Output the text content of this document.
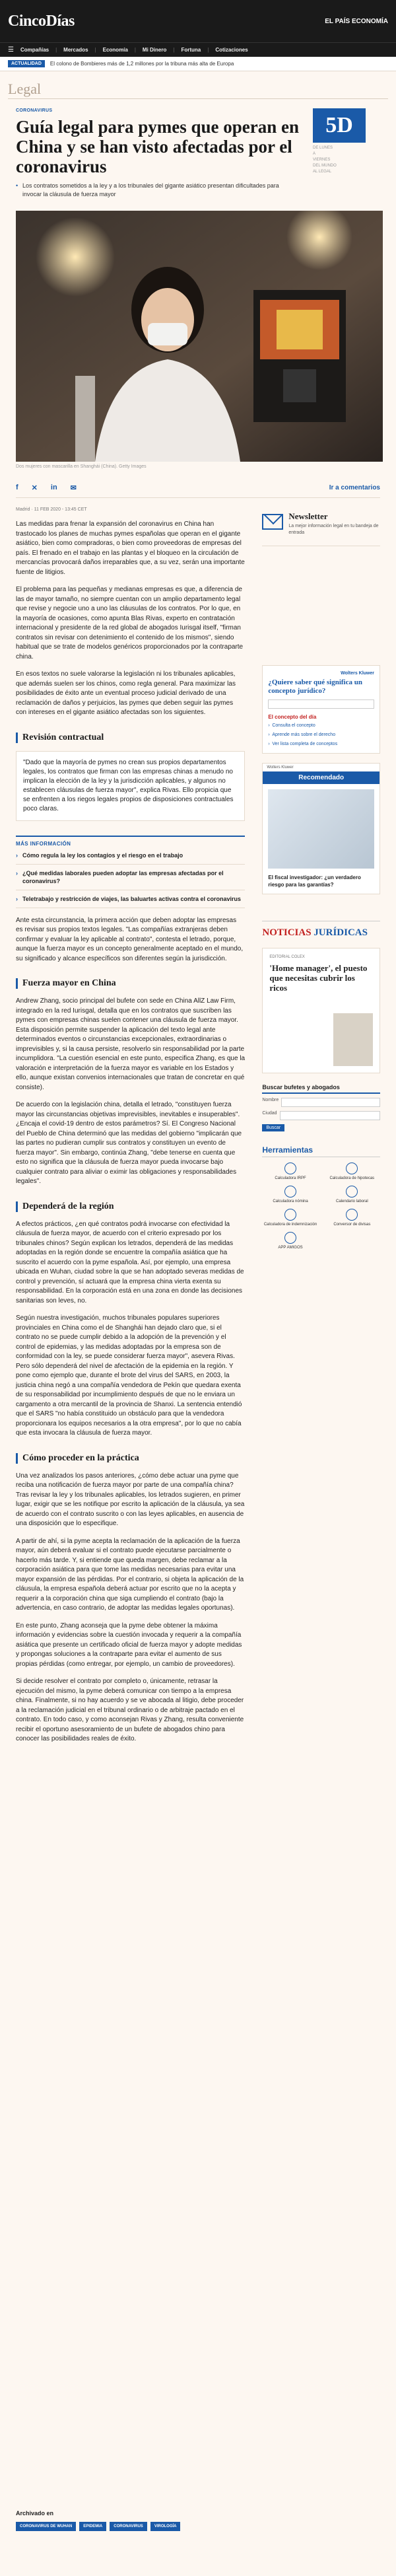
CincoDías	EL PAÍS ECONOMÍA
☰ Compañías | Mercados | Economía | Mi Dinero | Fortuna | Cotizaciones
ACTUALIDAD	El colono de Bombieres más de 1,2 millones por la tribuna más alta de Europa
Legal
CORONAVIRUS
Guía legal para pymes que operan en China y se han visto afectadas por el coronavirus

• Los contratos sometidos a la ley y a los tribunales del gigante asiático presentan dificultades para invocar la cláusula de fuerza mayor

5D
DE LUNES
A
VIERNES
DEL MUNDO
AL LEGAL

Dos mujeres con mascarilla en Shanghái (China). Getty Images

f ✕ in ✉	Ir a comentarios
Madrid · 11 FEB 2020 - 13:45 CET

Las medidas para frenar la expansión del coronavirus en China han trastocado los planes de muchas pymes españolas que operan en el gigante asiático, bien como compradoras, o bien como proveedoras de empresas del país. El frenado en el trabajo en las plantas y el bloqueo en la circulación de mercancías provocará daños irreparables que, a su vez, serán una importante fuente de litigios.

El problema para las pequeñas y medianas empresas es que, a diferencia de las de mayor tamaño, no siempre cuentan con un amplio departamento legal que revise y negocie uno a uno las cláusulas de los contratos. Por lo que, en la mayoría de ocasiones, como apunta Blas Rivas, experto en contratación internacional y presidente de la red global de abogados Iurisgal itself, "firman contratos sin revisar con detenimiento el contenido de los mismos", siendo habitual que se trate de modelos genéricos proporcionados por la contraparte china.

En esos textos no suele valorarse la legislación ni los tribunales aplicables, que además suelen ser los chinos, como regla general. Para maximizar las posibilidades de éxito ante un eventual proceso judicial derivado de una reclamación de daños y perjuicios, las pymes que deben seguir las pymes con intereses en el gigante asiático afectadas son los siguientes.

Revisión contractual
"Dado que la mayoría de pymes no crean sus propios departamentos legales, los contratos que firman con las empresas chinas a menudo no implican la elección de la ley y la jurisdicción aplicables, y algunos no establecen cláusulas de fuerza mayor", explica Rivas. Ello propicia que se enfrenten a los riegos legales propios de disposiciones contractuales poco claras.
MÁS INFORMACIÓN
› Cómo regula la ley los contagios y el riesgo en el trabajo
› ¿Qué medidas laborales pueden adoptar las empresas afectadas por el coronavirus?
› Teletrabajo y restricción de viajes, las baluartes activas contra el coronavirus

Ante esta circunstancia, la primera acción que deben adoptar las empresas es revisar sus propios textos legales. "Las compañías extranjeras deben confirmar y evaluar la ley aplicable al contrato", contesta el letrado, porque, aunque la fuerza mayor es un concepto generalmente aceptado en el mundo, su significado y alcance específicos son diferentes según la jurisdicción.

Fuerza mayor en China

Andrew Zhang, socio principal del bufete con sede en China AllZ Law Firm, integrado en la red Iurisgal, detalla que en los contratos que suscriben las pymes con empresas chinas suelen contener una cláusula de fuerza mayor. Esta disposición permite suspender la aplicación del texto legal ante determinados eventos o circunstancias excepcionales, extraordinarias o imprevisibles y, si la causa persiste, resolverlo sin responsabilidad por la parte incumplidora. "La cuestión esencial en este punto, especifica Zhang, es que la valoración e interpretación de la fuerza mayor es variable en los Estados y ello, aunque existan convenios internacionales que tratan de concretar en qué consiste).

De acuerdo con la legislación china, detalla el letrado, "constituyen fuerza mayor las circunstancias objetivas imprevisibles, inevitables e insuperables". ¿Encaja el covid-19 dentro de estos parámetros? Sí. El Congreso Nacional del Pueblo de China determinó que las medidas del gobierno "implicarán que las partes no pudieran cumplir sus contratos y constituyen un evento de fuerza mayor". Sin embargo, continúa Zhang, "debe tenerse en cuenta que esto no significa que la cláusula de fuerza mayor pueda invocarse bajo cualquier contrato para aliviar o eximir las obligaciones y responsabilidades legales".

Dependerá de la región

A efectos prácticos, ¿en qué contratos podrá invocarse con efectividad la cláusula de fuerza mayor, de acuerdo con el criterio expresado por los tribunales chinos? Según explican los letrados, dependerá de las medidas adoptadas en la región donde se encuentre la compañía asiática que ha suscrito el acuerdo con la pyme española. Así, por ejemplo, una empresa ubicada en Wuhan, ciudad sobre la que se han adoptado severas medidas de control y prevención, sí actuará que la empresa china vierta exenta su responsabilidad. En la corporación está en una zona en donde las decisiones sanitarias son leves, no.

Según nuestra investigación, muchos tribunales populares superiores provinciales en China como el de Shanghái han dejado claro que, si el contrato no se puede cumplir debido a la adopción de la prevención y el control de epidemias, y las medidas adoptadas por la empresa son de conformidad con la ley, se puede considerar fuerza mayor", asevera Rivas. Pero sólo dependerá del nivel de afectación de la epidemia en la región. Y pone como ejemplo que, durante el brote del virus del SARS, en 2003, la justicia china negó a una compañía vendedora de Pekín que quedara exenta de su responsabilidad por incumplimiento después de que no le enviara un cargamento a otra mercantil de la provincia de Shanxi. La sentencia entendió que el SARS "no había constituido un obstáculo para que la vendedora proporcionara los equipos necesarios a la otra empresa", por lo que no cabía que esta invocara la cláusula de fuerza mayor.

Cómo proceder en la práctica

Una vez analizados los pasos anteriores, ¿cómo debe actuar una pyme que reciba una notificación de fuerza mayor por parte de una compañía china? Tras revisar la ley y los tribunales aplicables, los letrados sugieren, en primer lugar, exigir que se les notifique por escrito la aplicación de la cláusula, ya sea de acuerdo con el contrato suscrito o con las leyes aplicables, en ausencia de una disposición que lo especifique.

A partir de ahí, si la pyme acepta la reclamación de la aplicación de la fuerza mayor, aún deberá evaluar si el contrato puede ejecutarse parcialmente o hacerlo más tarde. Y, si entiende que queda margen, debe reclamar a la corporación asiática para que tome las medidas necesarias para evitar una mayor expansión de las pérdidas. Por el contrario, si objeta la aplicación de la cláusula, la empresa española deberá actuar por escrito que no la acepta y requerir a la corporación china que siga cumpliendo el contrato (bajo la advertencia, en caso contrario, de adoptar las medidas legales oportunas).

En este punto, Zhang aconseja que la pyme debe obtener la máxima información y evidencias sobre la cuestión invocada y requerir a la compañía asiática que presente un certificado oficial de fuerza mayor y adopte medidas y propongas soluciones a la contraparte para evitar el aumento de sus propias pérdidas (como entregar, por ejemplo, un cambio de proveedores).

Si decide resolver el contrato por completo o, únicamente, retrasar la ejecución del mismo, la pyme deberá comunicar con tiempo a la empresa china. Finalmente, si no hay acuerdo y se ve abocada al litigio, debe proceder a la reclamación judicial en el tribunal ordinario o de arbitraje pactado en el contrato. En todo caso, y como aconsejan Rivas y Zhang, resulta conveniente recibir el oportuno asesoramiento de un bufete de abogados chino para conocer las posibilidades reales de éxito.

Newsletter
La mejor información legal en tu bandeja de entrada
Wolters Kluwer
¿Quiere saber qué significa un concepto jurídico?
El concepto del día
› Consulta el concepto
› Aprende más sobre el derecho
› Ver lista completa de conceptos
Wolters Kluwer
Recomendado
El fiscal investigador: ¿un verdadero riesgo para las garantías?
NOTICIAS JURÍDICAS
EDITORIAL COLEX
'Home manager', el puesto que necesitas cubrir los ricos
Buscar bufetes y abogados
Nombre
Ciudad
Buscar
Herramientas
Calculadora IRPF	Calculadora de hipotecas
Calculadora nómina	Calendario laboral
Calculadora de indemnización	Conversor de divisas
APP AMIGOS
Archivado en
CORONAVIRUS DE WUHAN	EPIDEMIA	CORONAVIRUS	VIROLOGÍA
